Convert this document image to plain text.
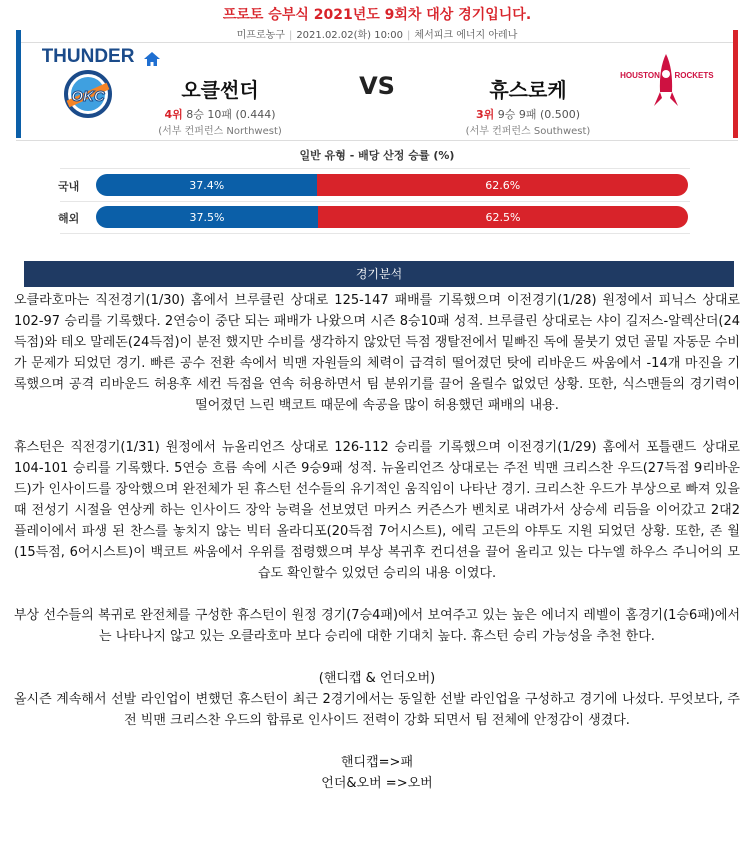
프로토 승부식 2021년도 9회차 대상 경기입니다.
미프로농구 | 2021.02.02(화) 10:00 | 체서피크 에너지 아레나
THUNDER
OKC
HOUSTON ROCKETS
오클썬더	VS	휴스로케
4위 8승 10패 (0.444)
(서부 컨퍼런스 Northwest)
3위 9승 9패 (0.500)
(서부 컨퍼런스 Southwest)
일반 유형 - 배당 산정 승률 (%)
국내	37.4%	62.6%
해외	37.5%	62.5%
경기분석

오클라호마는 직전경기(1/30) 홈에서 브루클린 상대로 125-147 패배를 기록했으며 이전경기(1/28) 원정에서 피닉스 상대로 102-97 승리를 기록했다. 2연승이 중단 되는 패배가 나왔으며 시즌 8승10패 성적. 브루클린 상대로는 샤이 길저스-알렉산더(24득점)와 테오 말레돈(24득점)이 분전 했지만 수비를 생각하지 않았던 득점 쟁탈전에서 밑빠진 독에 물붓기 였던 골밑 자동문 수비가 문제가 되었던 경기. 빠른 공수 전환 속에서 빅맨 자원들의 체력이 급격히 떨어졌던 탓에 리바운드 싸움에서 -14개 마진을 기록했으며 공격 리바운드 허용후 세컨 득점을 연속 허용하면서 팀 분위기를 끌어 올릴수 없었던 상황. 또한, 식스맨들의 경기력이 떨어졌던 느린 백코트 때문에 속공을 많이 허용했던 패배의 내용.

휴스턴은 직전경기(1/31) 원정에서 뉴올리언즈 상대로 126-112 승리를 기록했으며 이전경기(1/29) 홈에서 포틀랜드 상대로 104-101 승리를 기록했다. 5연승 흐름 속에 시즌 9승9패 성적. 뉴올리언즈 상대로는 주전 빅맨 크리스찬 우드(27득점 9리바운드)가 인사이드를 장악했으며 완전체가 된 휴스턴 선수들의 유기적인 움직임이 나타난 경기. 크리스찬 우드가 부상으로 빠져 있을때 전성기 시절을 연상케 하는 인사이드 장악 능력을 선보였던 마커스 커즌스가 벤치로 내려가서 상승세 리듬을 이어갔고 2대2 플레이에서 파생 된 찬스를 놓치지 않는 빅터 올라디포(20득점 7어시스트), 에릭 고든의 야투도 지원 되었던 상황. 또한, 존 월(15득점, 6어시스트)이 백코트 싸움에서 우위를 점령했으며 부상 복귀후 컨디션을 끌어 올리고 있는 다누엘 하우스 주니어의 모습도 확인할수 있었던 승리의 내용 이였다.

부상 선수들의 복귀로 완전체를 구성한 휴스턴이 원정 경기(7승4패)에서 보여주고 있는 높은 에너지 레벨이 홈경기(1승6패)에서는 나타나지 않고 있는 오클라호마 보다 승리에 대한 기대치 높다. 휴스턴 승리 가능성을 추천 한다.

(핸디캡 & 언더오버)

올시즌 계속해서 선발 라인업이 변했던 휴스턴이 최근 2경기에서는 동일한 선발 라인업을 구성하고 경기에 나섰다. 무엇보다, 주전 빅맨 크리스찬 우드의 합류로 인사이드 전력이 강화 되면서 팀 전체에 안정감이 생겼다.

핸디캡=>패

언더&오버 =>오버
